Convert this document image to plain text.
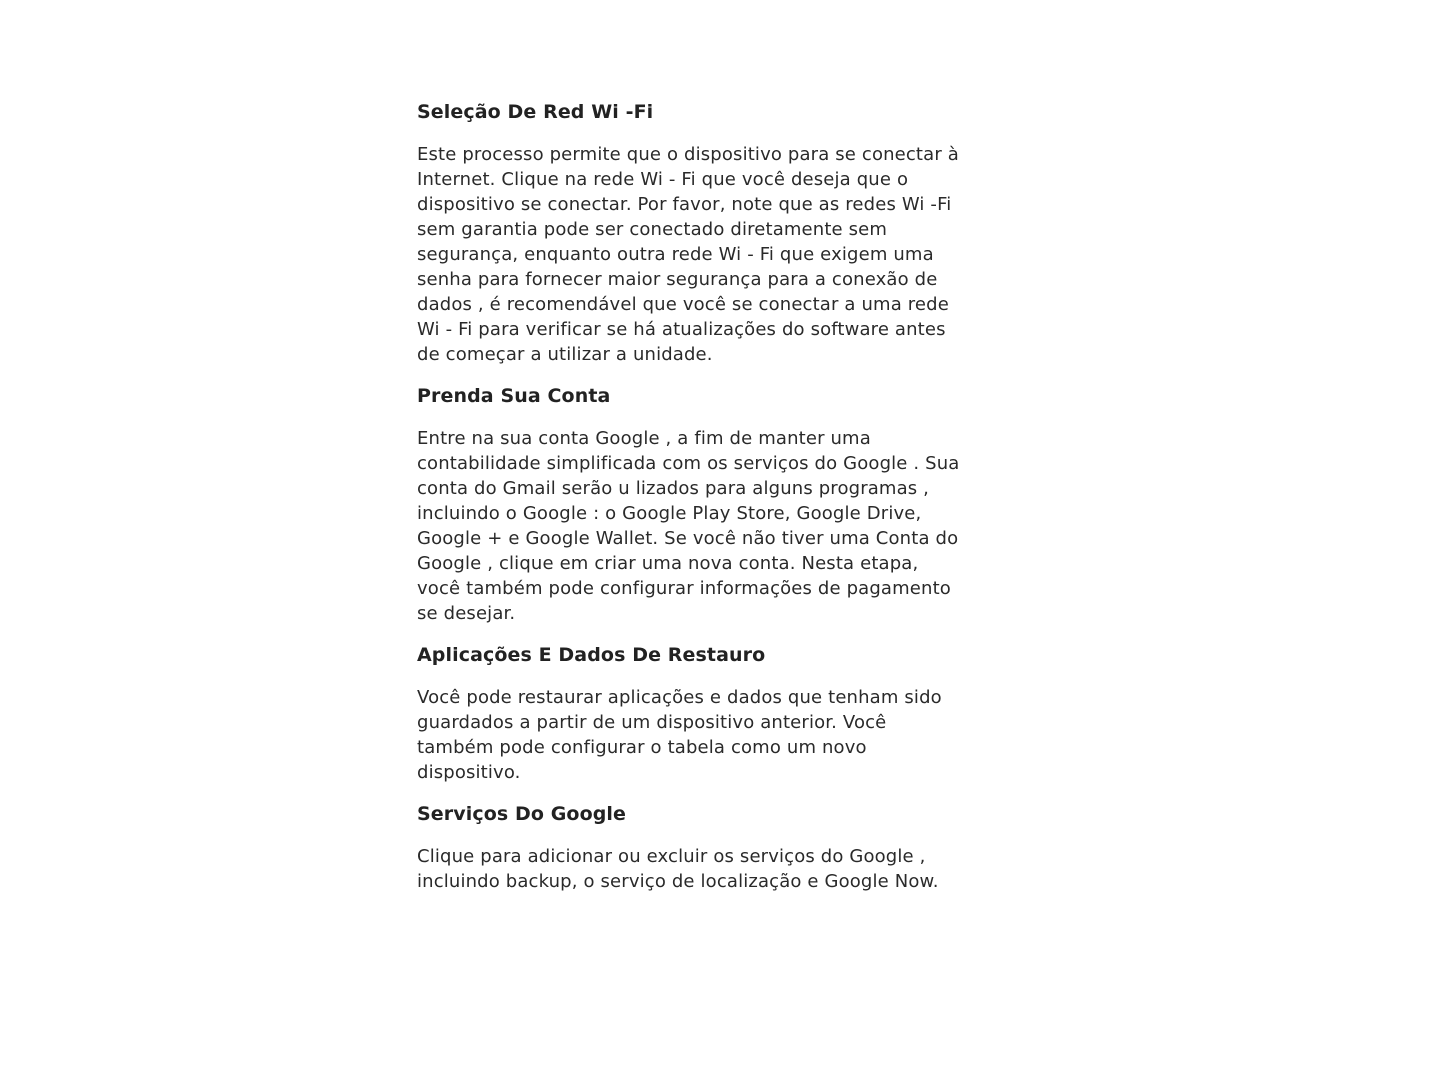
Seleção De Red Wi -Fi

Este processo permite que o dispositivo para se conectar à
Internet. Clique na rede Wi - Fi que você deseja que o
dispositivo se conectar. Por favor, note que as redes Wi -Fi
sem garantia pode ser conectado diretamente sem
segurança, enquanto outra rede Wi - Fi que exigem uma
senha para fornecer maior segurança para a conexão de
dados , é recomendável que você se conectar a uma rede
Wi - Fi para verificar se há atualizações do software antes
de começar a utilizar a unidade.

Prenda Sua Conta

Entre na sua conta Google , a fim de manter uma
contabilidade simplificada com os serviços do Google . Sua
conta do Gmail serão u lizados para alguns programas ,
incluindo o Google : o Google Play Store, Google Drive,
Google + e Google Wallet. Se você não tiver uma Conta do
Google , clique em criar uma nova conta. Nesta etapa,
você também pode configurar informações de pagamento
se desejar.

Aplicações E Dados De Restauro

Você pode restaurar aplicações e dados que tenham sido
guardados a partir de um dispositivo anterior. Você
também pode configurar o tabela como um novo
dispositivo.

Serviços Do Google

Clique para adicionar ou excluir os serviços do Google ,
incluindo backup, o serviço de localização e Google Now.
